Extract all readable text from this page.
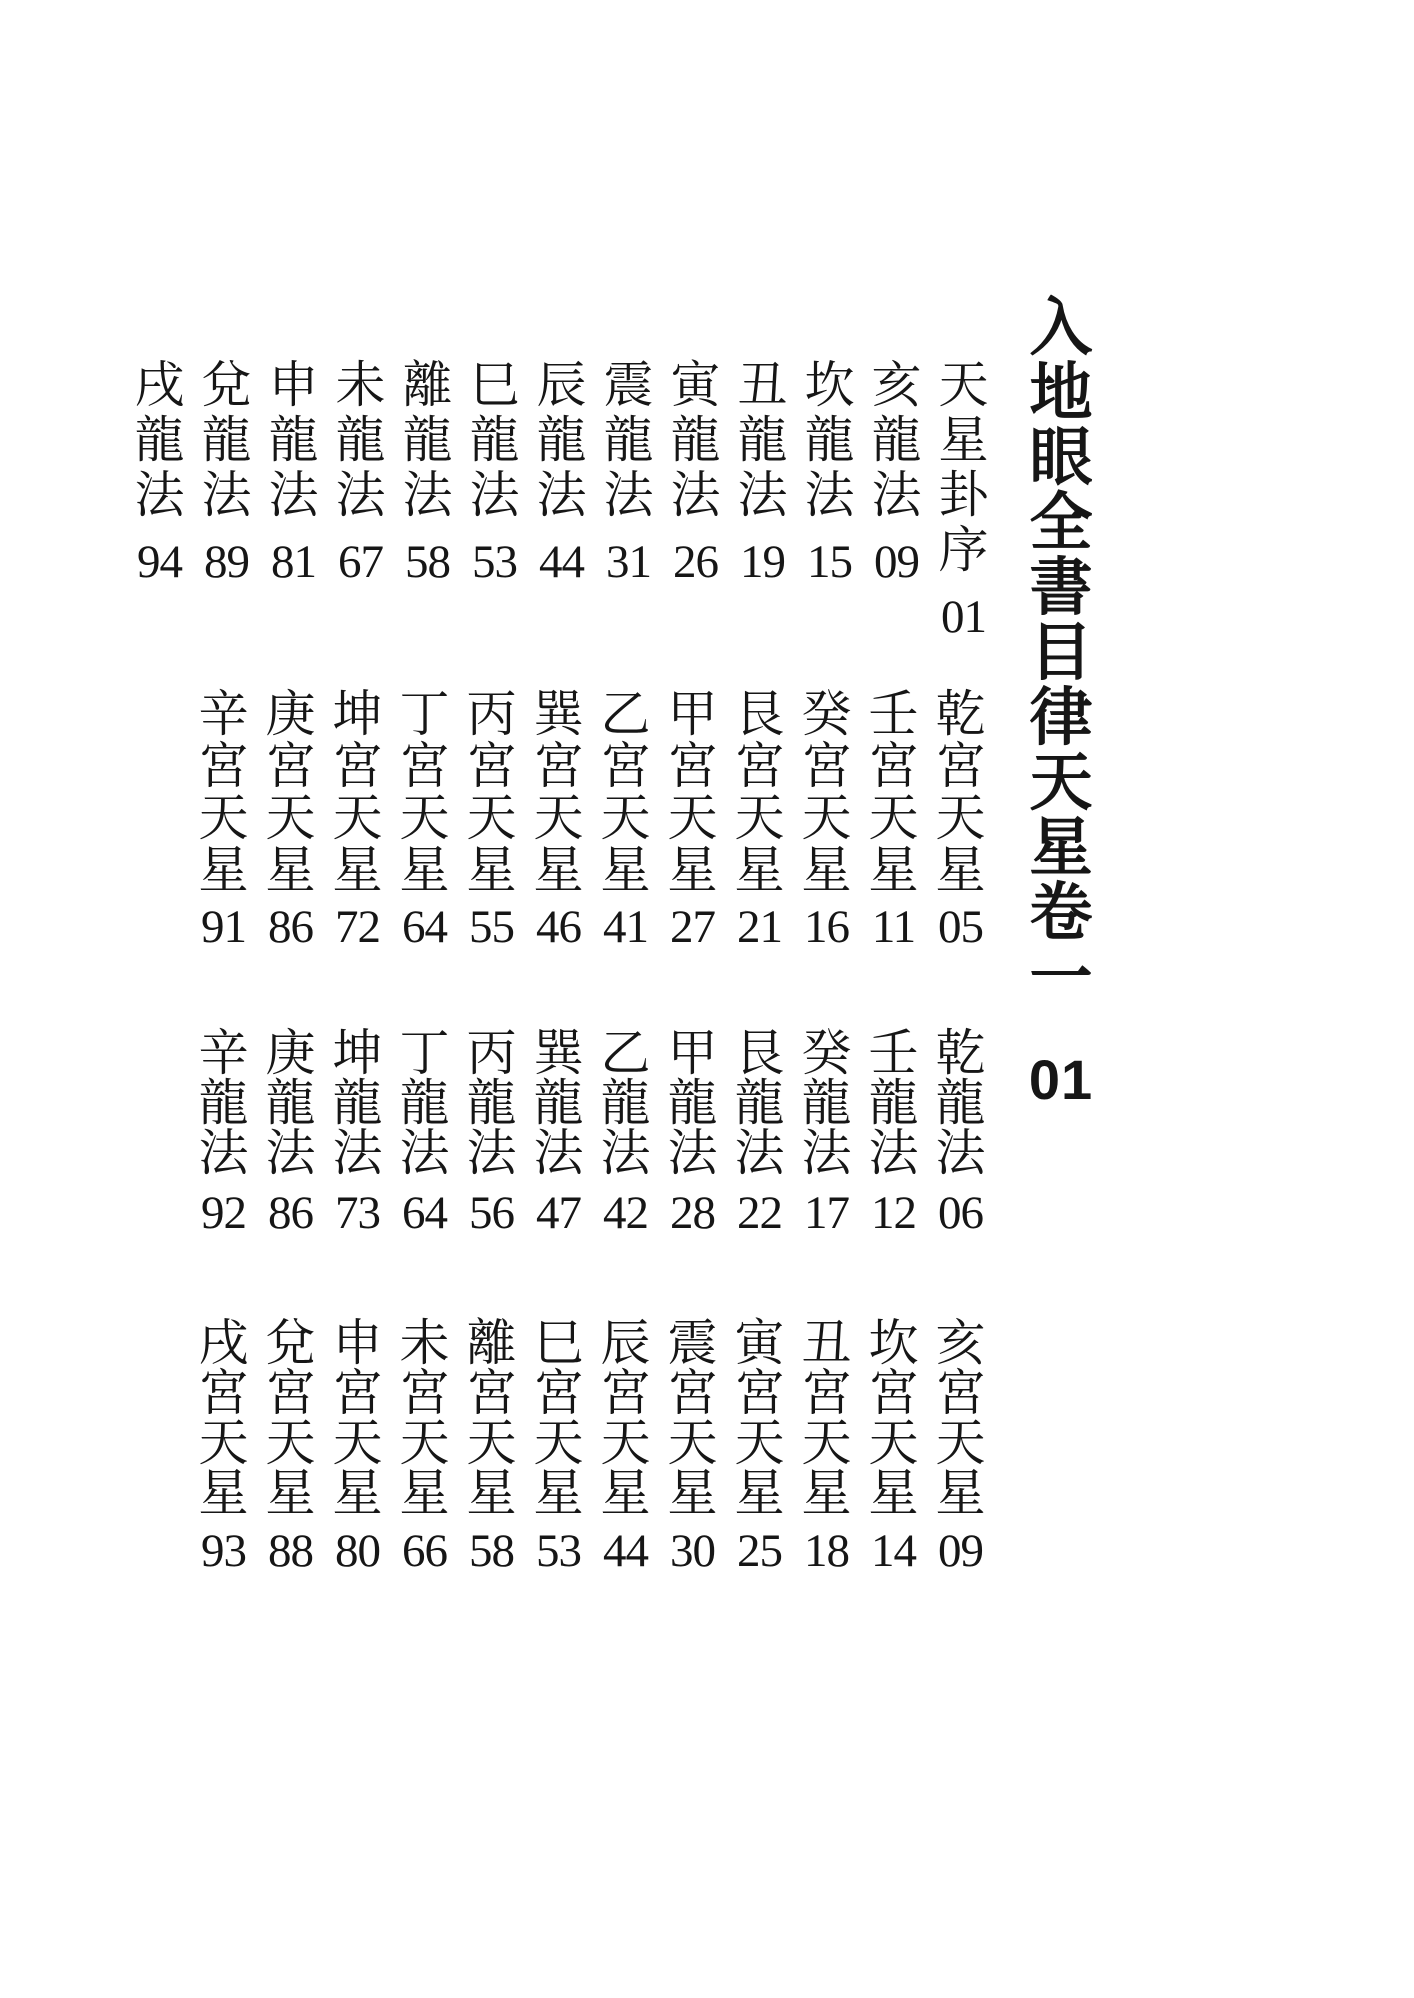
入地眼全書目律天星卷一
01
天星卦序
01
亥龍法
09
坎龍法
15
丑龍法
19
寅龍法
26
震龍法
31
辰龍法
44
巳龍法
53
離龍法
58
未龍法
67
申龍法
81
兌龍法
89
戌龍法
94
乾宮天星
05
壬宮天星
11
癸宮天星
16
艮宮天星
21
甲宮天星
27
乙宮天星
41
巽宮天星
46
丙宮天星
55
丁宮天星
64
坤宮天星
72
庚宮天星
86
辛宮天星
91
乾龍法
06
壬龍法
12
癸龍法
17
艮龍法
22
甲龍法
28
乙龍法
42
巽龍法
47
丙龍法
56
丁龍法
64
坤龍法
73
庚龍法
86
辛龍法
92
亥宮天星
09
坎宮天星
14
丑宮天星
18
寅宮天星
25
震宮天星
30
辰宮天星
44
巳宮天星
53
離宮天星
58
未宮天星
66
申宮天星
80
兌宮天星
88
戌宮天星
93
